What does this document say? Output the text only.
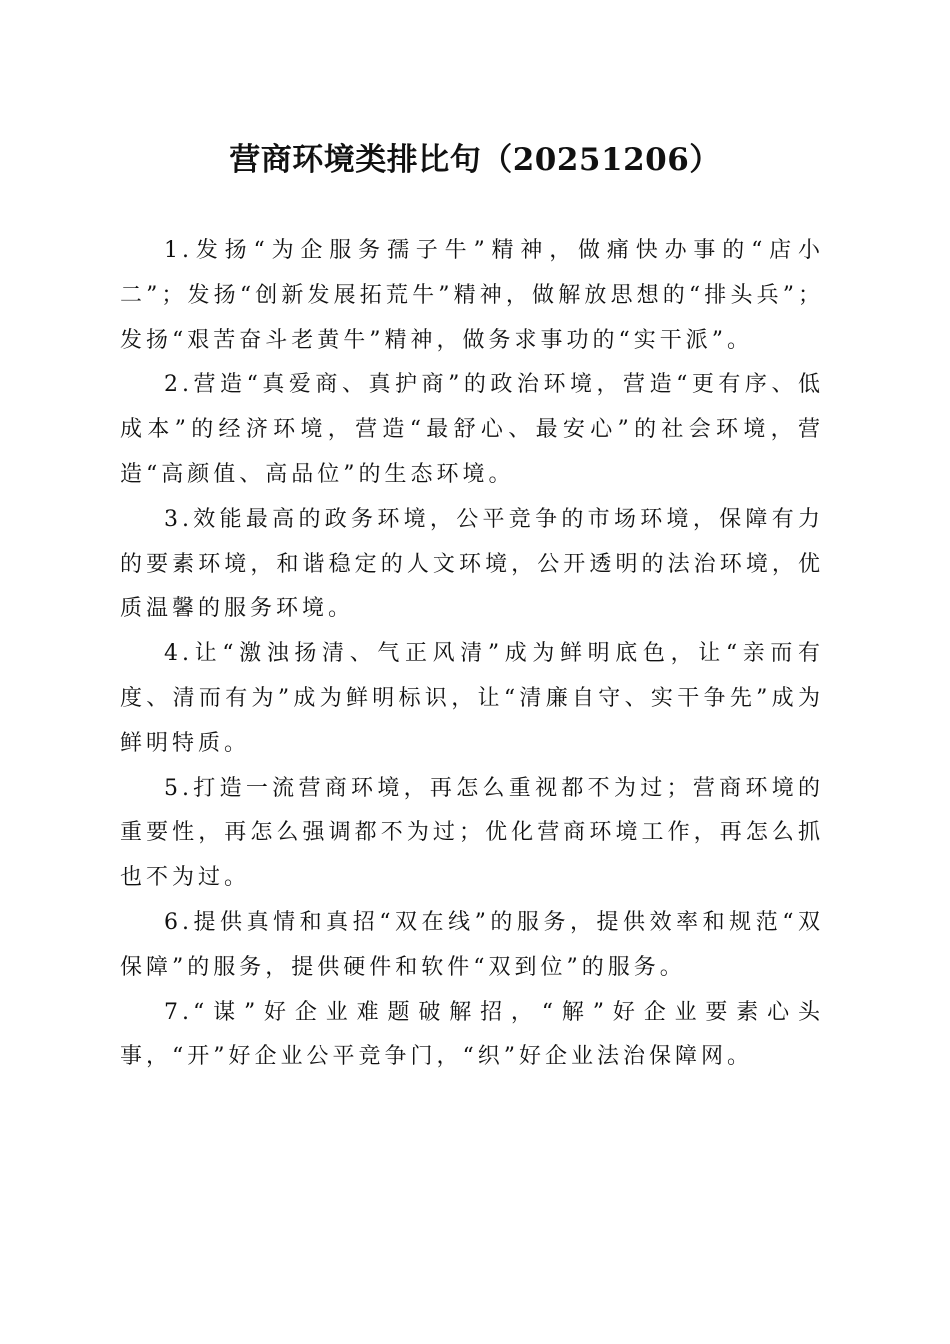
营商环境类排比句（20251206）

1.发扬“为企服务孺子牛”精神，做痛快办事的“店小二”；发扬“创新发展拓荒牛”精神，做解放思想的“排头兵”；发扬“艰苦奋斗老黄牛”精神，做务求事功的“实干派”。

2.营造“真爱商、真护商”的政治环境，营造“更有序、低成本”的经济环境，营造“最舒心、最安心”的社会环境，营造“高颜值、高品位”的生态环境。

3.效能最高的政务环境，公平竞争的市场环境，保障有力的要素环境，和谐稳定的人文环境，公开透明的法治环境，优质温馨的服务环境。

4.让“激浊扬清、气正风清”成为鲜明底色，让“亲而有度、清而有为”成为鲜明标识，让“清廉自守、实干争先”成为鲜明特质。

5.打造一流营商环境，再怎么重视都不为过；营商环境的重要性，再怎么强调都不为过；优化营商环境工作，再怎么抓也不为过。

6.提供真情和真招“双在线”的服务，提供效率和规范“双保障”的服务，提供硬件和软件“双到位”的服务。

7.“谋”好企业难题破解招，“解”好企业要素心头事，“开”好企业公平竞争门，“织”好企业法治保障网。
